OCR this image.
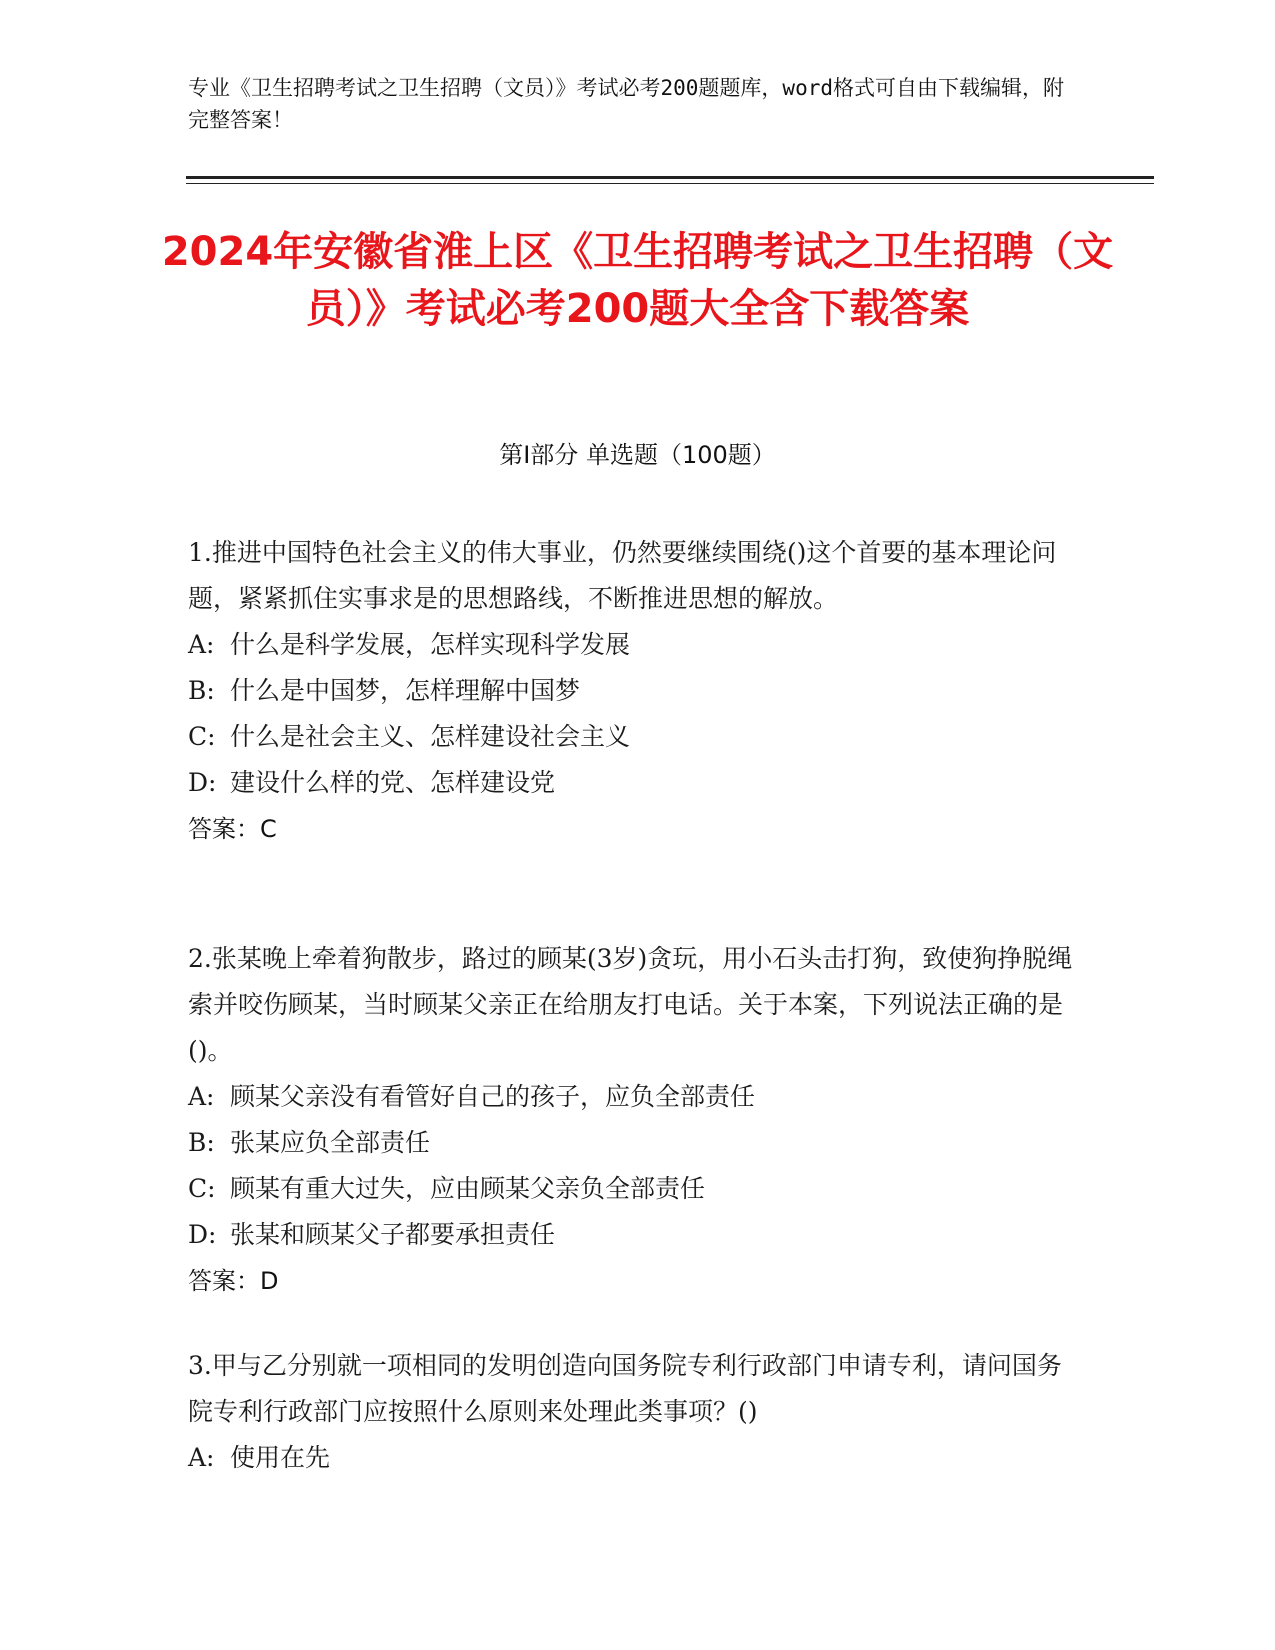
专业《卫生招聘考试之卫生招聘（文员）》考试必考200题题库，word格式可自由下载编辑，附完整答案！
2024年安徽省淮上区《卫生招聘考试之卫生招聘（文员）》考试必考200题大全含下载答案
第Ⅰ部分 单选题（100题）
1.推进中国特色社会主义的伟大事业，仍然要继续围绕()这个首要的基本理论问题，紧紧抓住实事求是的思想路线，不断推进思想的解放。
A: 什么是科学发展，怎样实现科学发展
B: 什么是中国梦，怎样理解中国梦
C: 什么是社会主义、怎样建设社会主义
D: 建设什么样的党、怎样建设党
答案：C
2.张某晚上牵着狗散步，路过的顾某(3岁)贪玩，用小石头击打狗，致使狗挣脱绳索并咬伤顾某，当时顾某父亲正在给朋友打电话。关于本案，下列说法正确的是()。
A: 顾某父亲没有看管好自己的孩子，应负全部责任
B: 张某应负全部责任
C: 顾某有重大过失，应由顾某父亲负全部责任
D: 张某和顾某父子都要承担责任
答案：D
3.甲与乙分别就一项相同的发明创造向国务院专利行政部门申请专利，请问国务院专利行政部门应按照什么原则来处理此类事项？()
A: 使用在先
